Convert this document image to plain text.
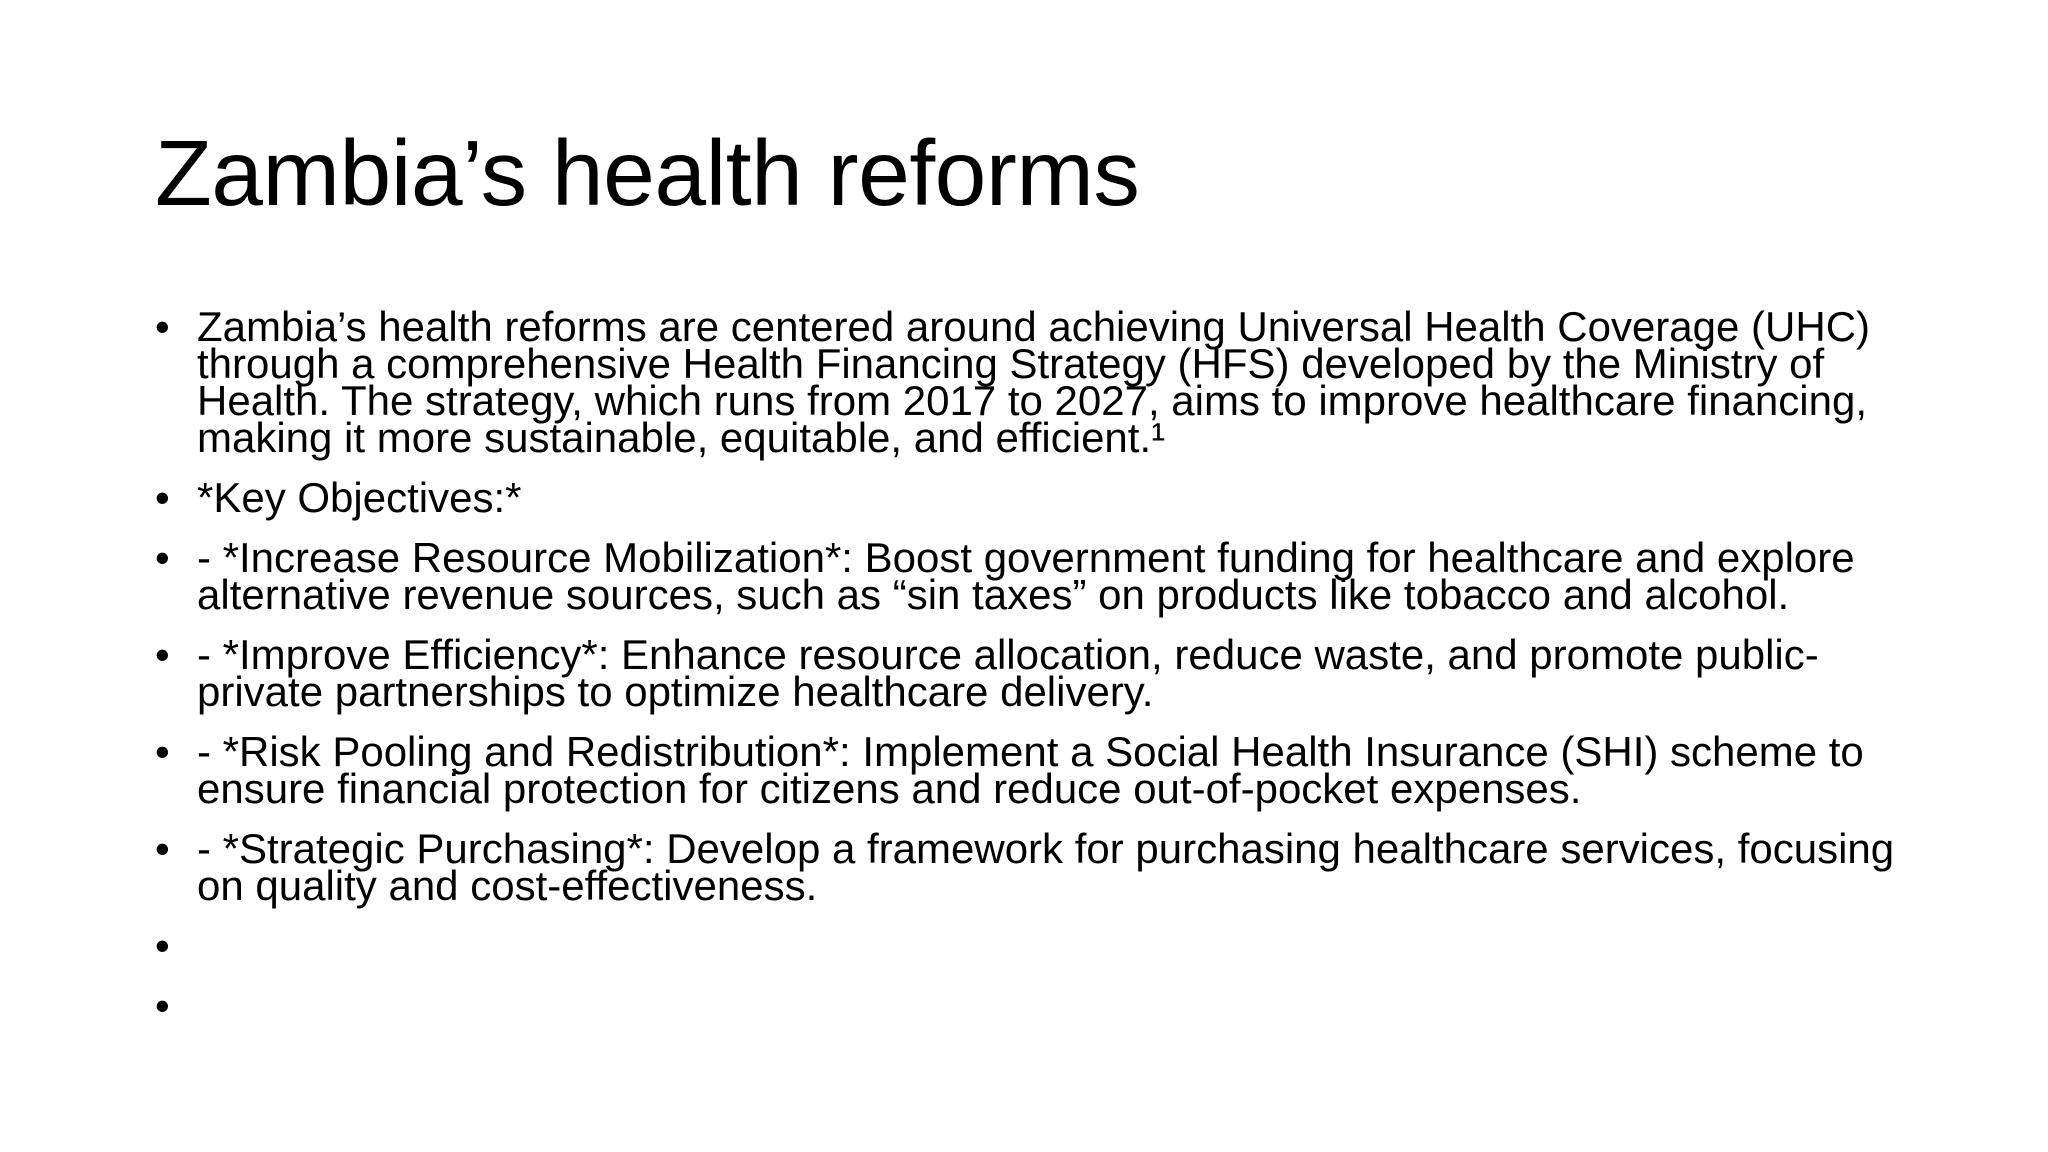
Zambia’s health reforms
• Zambia’s health reforms are centered around achieving Universal Health Coverage (UHC) through a comprehensive Health Financing Strategy (HFS) developed by the Ministry of Health. The strategy, which runs from 2017 to 2027, aims to improve healthcare financing, making it more sustainable, equitable, and efficient.¹
• *Key Objectives:*
• - *Increase Resource Mobilization*: Boost government funding for healthcare and explore alternative revenue sources, such as “sin taxes” on products like tobacco and alcohol.
• - *Improve Efficiency*: Enhance resource allocation, reduce waste, and promote public-private partnerships to optimize healthcare delivery.
• - *Risk Pooling and Redistribution*: Implement a Social Health Insurance (SHI) scheme to ensure financial protection for citizens and reduce out-of-pocket expenses.
• - *Strategic Purchasing*: Develop a framework for purchasing healthcare services, focusing on quality and cost-effectiveness.
•
•
